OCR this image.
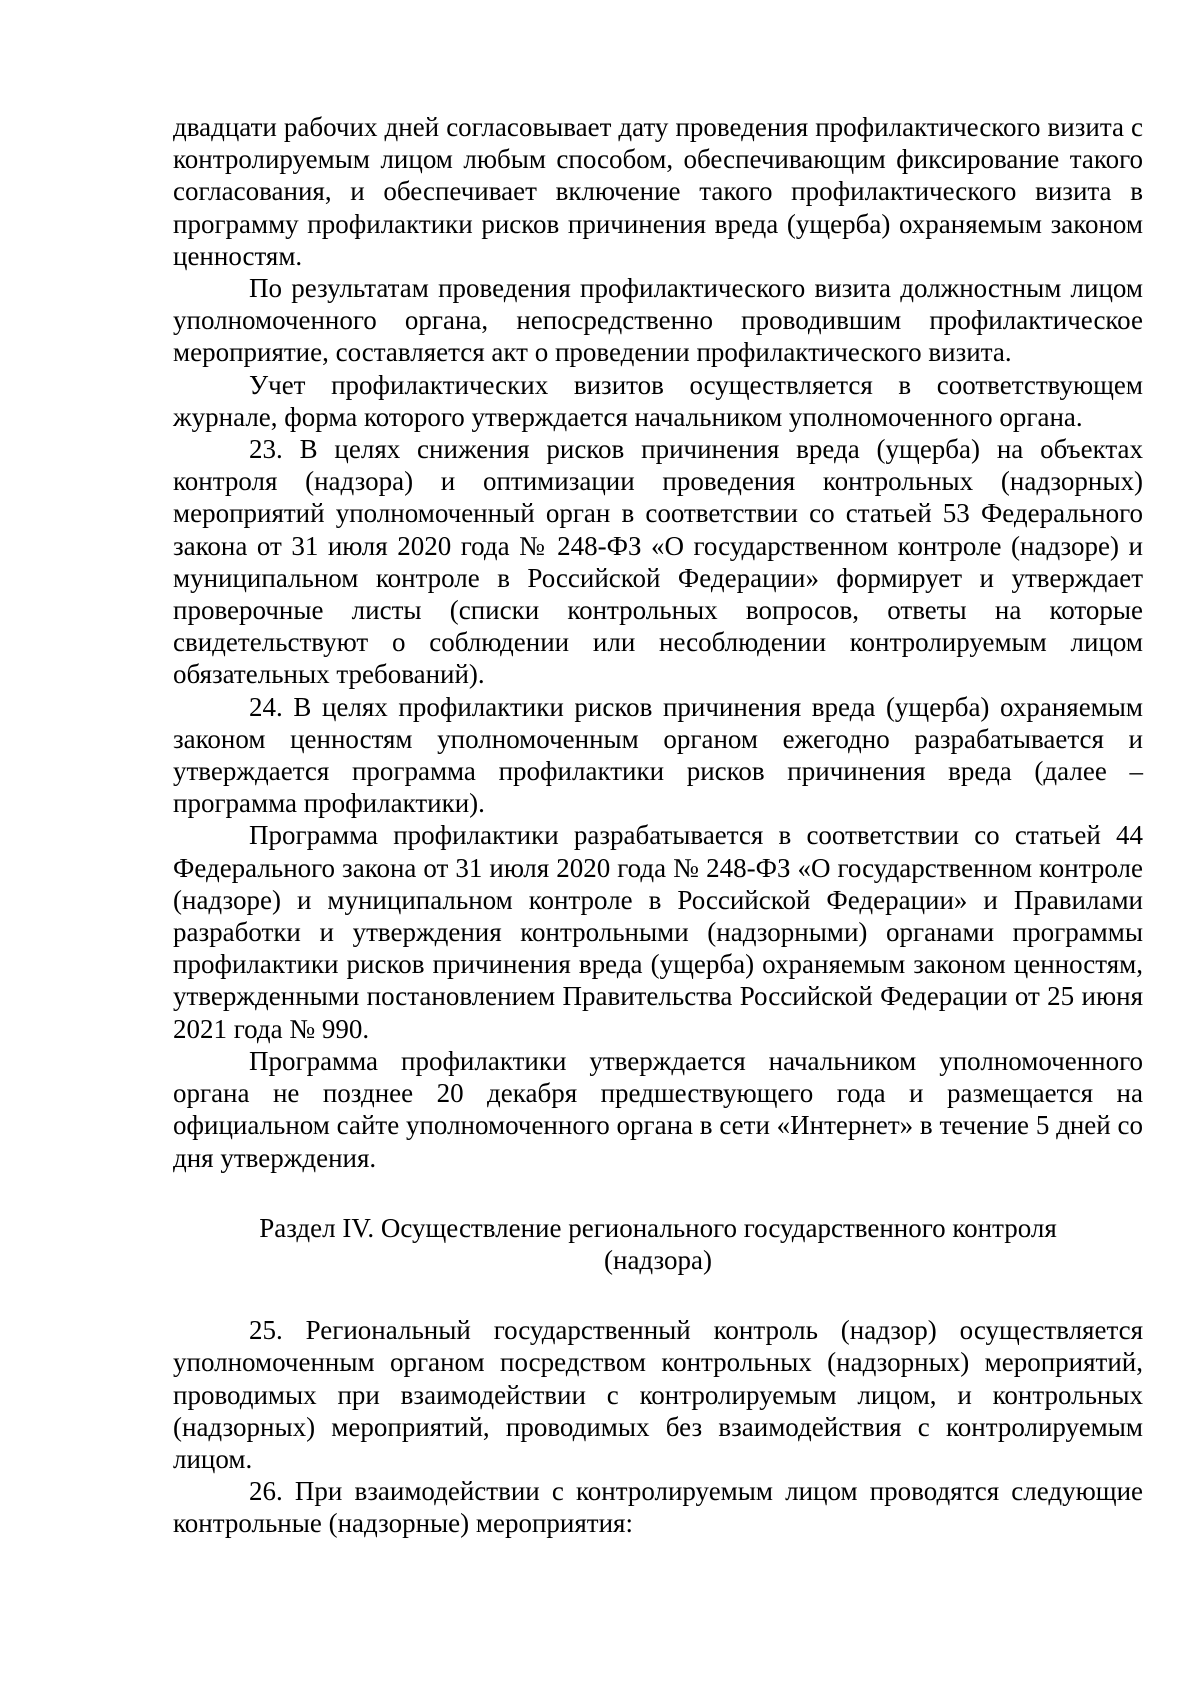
двадцати рабочих дней согласовывает дату проведения профилактического визита с контролируемым лицом любым способом, обеспечивающим фиксирование такого согласования, и обеспечивает включение такого профилактического визита в программу профилактики рисков причинения вреда (ущерба) охраняемым законом ценностям.

По результатам проведения профилактического визита должностным лицом уполномоченного органа, непосредственно проводившим профилактическое мероприятие, составляется акт о проведении профилактического визита.

Учет профилактических визитов осуществляется в соответствующем журнале, форма которого утверждается начальником уполномоченного органа.

23. В целях снижения рисков причинения вреда (ущерба) на объектах контроля (надзора) и оптимизации проведения контрольных (надзорных) мероприятий уполномоченный орган в соответствии со статьей 53 Федерального закона от 31 июля 2020 года № 248-ФЗ «О государственном контроле (надзоре) и муниципальном контроле в Российской Федерации» формирует и утверждает проверочные листы (списки контрольных вопросов, ответы на которые свидетельствуют о соблюдении или несоблюдении контролируемым лицом обязательных требований).

24. В целях профилактики рисков причинения вреда (ущерба) охраняемым законом ценностям уполномоченным органом ежегодно разрабатывается и утверждается программа профилактики рисков причинения вреда (далее – программа профилактики).

Программа профилактики разрабатывается в соответствии со статьей 44 Федерального закона от 31 июля 2020 года № 248-ФЗ «О государственном контроле (надзоре) и муниципальном контроле в Российской Федерации» и Правилами разработки и утверждения контрольными (надзорными) органами программы профилактики рисков причинения вреда (ущерба) охраняемым законом ценностям, утвержденными постановлением Правительства Российской Федерации от 25 июня 2021 года № 990.

Программа профилактики утверждается начальником уполномоченного органа не позднее 20 декабря предшествующего года и размещается на официальном сайте уполномоченного органа в сети «Интернет» в течение 5 дней со дня утверждения.

Раздел IV. Осуществление регионального государственного контроля
(надзора)

25. Региональный государственный контроль (надзор) осуществляется уполномоченным органом посредством контрольных (надзорных) мероприятий, проводимых при взаимодействии с контролируемым лицом, и контрольных (надзорных) мероприятий, проводимых без взаимодействия с контролируемым лицом.

26. При взаимодействии с контролируемым лицом проводятся следующие контрольные (надзорные) мероприятия:
